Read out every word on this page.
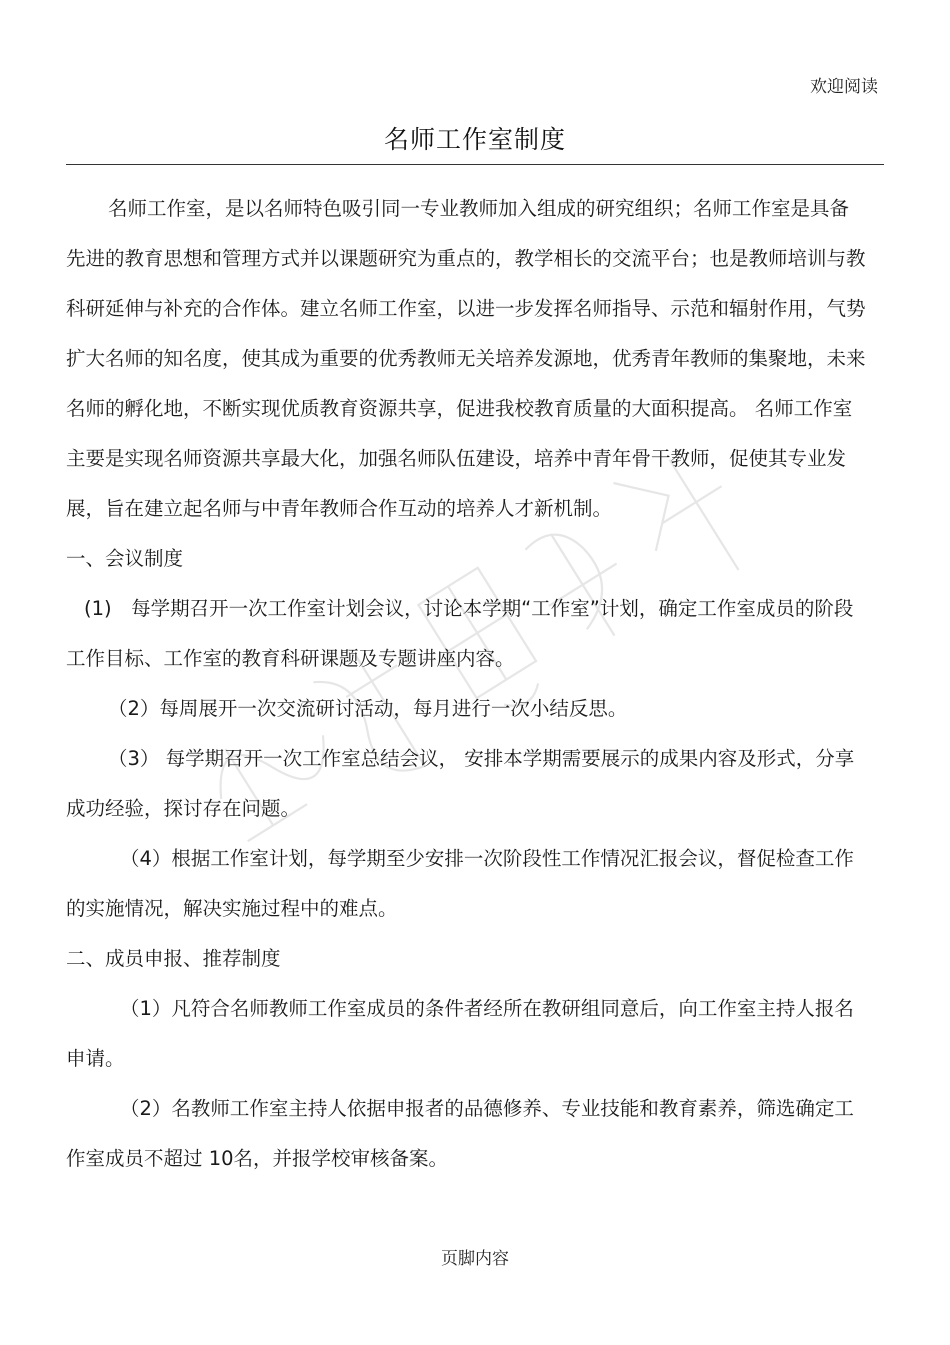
欢迎阅读
名师工作室制度

名师工作室，是以名师特色吸引同一专业教师加入组成的研究组织；名师工作室是具备先进的教育思想和管理方式并以课题研究为重点的，教学相长的交流平台；也是教师培训与教科研延伸与补充的合作体。建立名师工作室，以进一步发挥名师指导、示范和辐射作用，气势扩大名师的知名度，使其成为重要的优秀教师无关培养发源地，优秀青年教师的集聚地，未来名师的孵化地，不断实现优质教育资源共享，促进我校教育质量的大面积提高。 名师工作室主要是实现名师资源共享最大化，加强名师队伍建设，培养中青年骨干教师，促使其专业发展，旨在建立起名师与中青年教师合作互动的培养人才新机制。

一、会议制度

(1)　每学期召开一次工作室计划会议，讨论本学期“工作室”计划，确定工作室成员的阶段工作目标、工作室的教育科研课题及专题讲座内容。

（2）每周展开一次交流研讨活动，每月进行一次小结反思。

（3） 每学期召开一次工作室总结会议， 安排本学期需要展示的成果内容及形式，分享成功经验，探讨存在问题。

（4）根据工作室计划，每学期至少安排一次阶段性工作情况汇报会议，督促检查工作的实施情况，解决实施过程中的难点。

二、成员申报、推荐制度

（1）凡符合名师教师工作室成员的条件者经所在教研组同意后，向工作室主持人报名申请。

（2）名教师工作室主持人依据申报者的品德修养、专业技能和教育素养，筛选确定工作室成员不超过 10名，并报学校审核备案。

页脚内容
